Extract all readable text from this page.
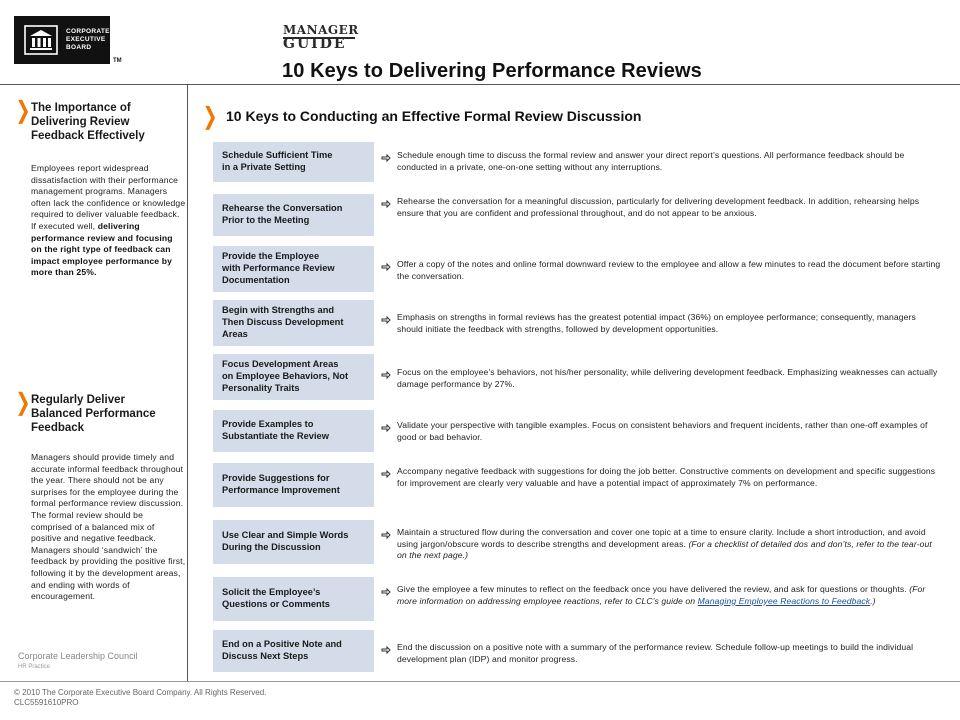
CORPORATE
EXECUTIVE
BOARD
TM
MANAGER
GUIDE
10 Keys to Delivering Performance Reviews
❯ The Importance of
Delivering Review
Feedback Effectively
Employees report widespread dissatisfaction with their performance management programs. Managers often lack the confidence or knowledge required to deliver valuable feedback. If executed well, delivering performance review and focusing on the right type of feedback can impact employee performance by more than 25%.
❯ Regularly Deliver
Balanced Performance
Feedback
Managers should provide timely and accurate informal feedback throughout the year. There should not be any surprises for the employee during the formal performance review discussion. The formal review should be comprised of a balanced mix of positive and negative feedback. Managers should ‘sandwich’ the feedback by providing the positive first, following it by the development areas, and ending with words of encouragement.
❯ 10 Keys to Conducting an Effective Formal Review Discussion
Schedule Sufficient Time
in a Private Setting
Schedule enough time to discuss the formal review and answer your direct report’s questions. All performance feedback should be conducted in a private, one-on-one setting without any interruptions.
Rehearse the Conversation
Prior to the Meeting
Rehearse the conversation for a meaningful discussion, particularly for delivering development feedback. In addition, rehearsing helps ensure that you are confident and professional throughout, and do not appear to be anxious.
Provide the Employee
with Performance Review
Documentation
Offer a copy of the notes and online formal downward review to the employee and allow a few minutes to read the document before starting the conversation.
Begin with Strengths and
Then Discuss Development
Areas
Emphasis on strengths in formal reviews has the greatest potential impact (36%) on employee performance; consequently, managers should initiate the feedback with strengths, followed by development opportunities.
Focus Development Areas
on Employee Behaviors, Not
Personality Traits
Focus on the employee’s behaviors, not his/her personality, while delivering development feedback. Emphasizing weaknesses can actually damage performance by 27%.
Provide Examples to
Substantiate the Review
Validate your perspective with tangible examples. Focus on consistent behaviors and frequent incidents, rather than one-off examples of good or bad behavior.
Provide Suggestions for
Performance Improvement
Accompany negative feedback with suggestions for doing the job better. Constructive comments on development and specific suggestions for improvement are clearly very valuable and have a potential impact of approximately 7% on performance.
Use Clear and Simple Words
During the Discussion
Maintain a structured flow during the conversation and cover one topic at a time to ensure clarity. Include a short introduction, and avoid using jargon/obscure words to describe strengths and development areas. (For a checklist of detailed dos and don’ts, refer to the tear-out on the next page.)
Solicit the Employee’s
Questions or Comments
Give the employee a few minutes to reflect on the feedback once you have delivered the review, and ask for questions or thoughts. (For more information on addressing employee reactions, refer to CLC’s guide on Managing Employee Reactions to Feedback.)
End on a Positive Note and
Discuss Next Steps
End the discussion on a positive note with a summary of the performance review. Schedule follow-up meetings to build the individual development plan (IDP) and monitor progress.
Corporate Leadership Council
HR Practice
© 2010 The Corporate Executive Board Company. All Rights Reserved.
CLC5591610PRO
